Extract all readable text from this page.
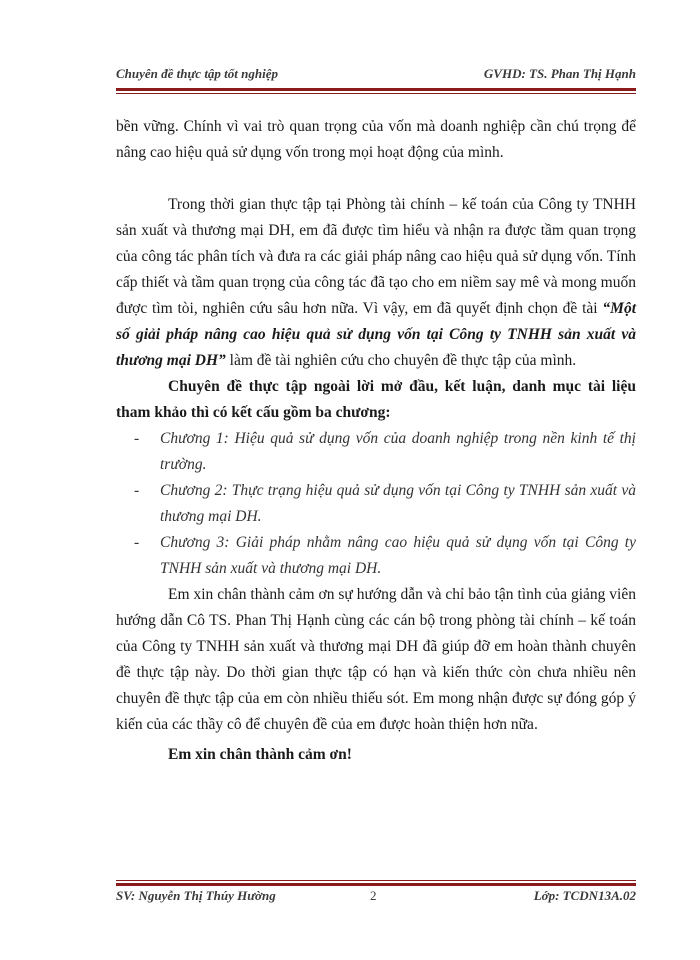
Chuyên đề thực tập tốt nghiệp	GVHD: TS. Phan Thị Hạnh

bền vững. Chính vì vai trò quan trọng của vốn mà doanh nghiệp cần chú trọng để nâng cao hiệu quả sử dụng vốn trong mọi hoạt động của mình.

Trong thời gian thực tập tại Phòng tài chính – kế toán của Công ty TNHH sản xuất và thương mại DH, em đã được tìm hiểu và nhận ra được tầm quan trọng của công tác phân tích và đưa ra các giải pháp nâng cao hiệu quả sử dụng vốn. Tính cấp thiết và tầm quan trọng của công tác đã tạo cho em niềm say mê và mong muốn được tìm tòi, nghiên cứu sâu hơn nữa. Vì vậy, em đã quyết định chọn đề tài “Một số giải pháp nâng cao hiệu quả sử dụng vốn tại Công ty TNHH sản xuất và thương mại DH” làm đề tài nghiên cứu cho chuyên đề thực tập của mình.

Chuyên đề thực tập ngoài lời mở đầu, kết luận, danh mục tài liệu tham khảo thì có kết cấu gồm ba chương:

- Chương 1: Hiệu quả sử dụng vốn của doanh nghiệp trong nền kinh tế thị trường.
- Chương 2: Thực trạng hiệu quả sử dụng vốn tại Công ty TNHH sản xuất và thương mại DH.
- Chương 3: Giải pháp nhằm nâng cao hiệu quả sử dụng vốn tại Công ty TNHH sản xuất và thương mại DH.

Em xin chân thành cảm ơn sự hướng dẫn và chỉ bảo tận tình của giảng viên hướng dẫn Cô TS. Phan Thị Hạnh cùng các cán bộ trong phòng tài chính – kế toán của Công ty TNHH sản xuất và thương mại DH đã giúp đỡ em hoàn thành chuyên đề thực tập này. Do thời gian thực tập có hạn và kiến thức còn chưa nhiều nên chuyên đề thực tập của em còn nhiều thiếu sót. Em mong nhận được sự đóng góp ý kiến của các thầy cô để chuyên đề của em được hoàn thiện hơn nữa.

Em xin chân thành cảm ơn!

SV: Nguyễn Thị Thúy Hường	2	Lớp: TCDN13A.02
